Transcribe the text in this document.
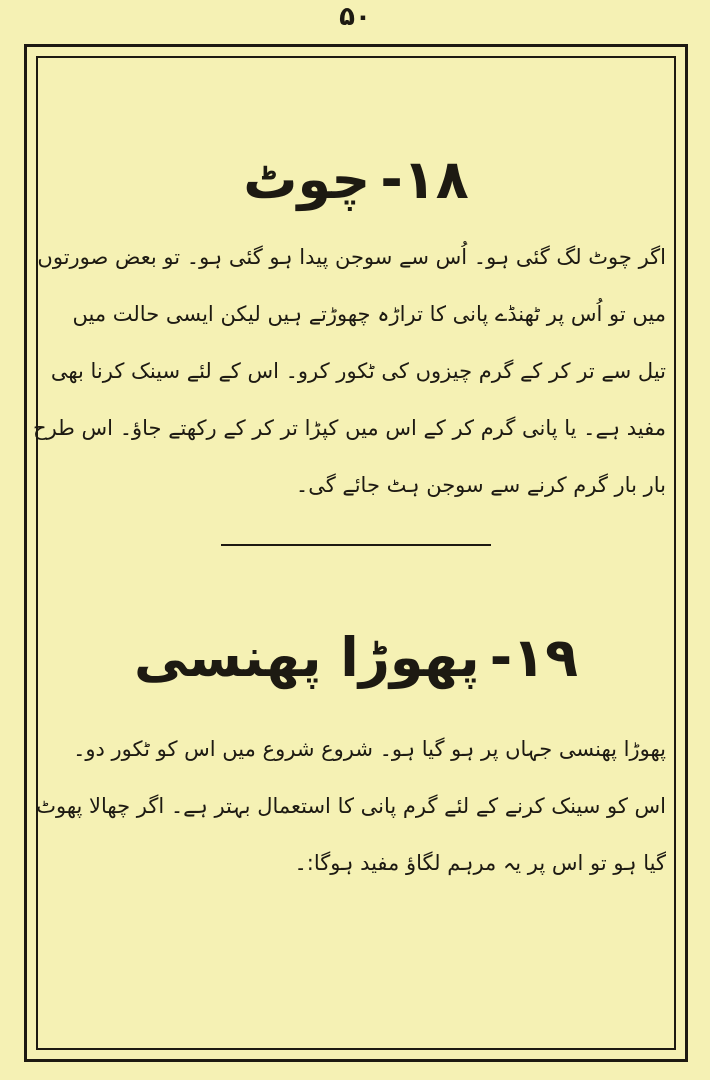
۵۰
۱۸-چوٹ
اگر چوٹ لگ گئی ہو۔ اُس سے سوجن پیدا ہو گئی ہو۔ تو بعض صورتوں
میں تو اُس پر ٹھنڈے پانی کا تراڑہ چھوڑتے ہیں لیکن ایسی حالت میں
تیل سے تر کر کے گرم چیزوں کی ٹکور کرو۔ اس کے لئے سینک کرنا بھی
مفید ہے۔ یا پانی گرم کر کے اس میں کپڑا تر کر کے رکھتے جاؤ۔ اس طرح
بار بار گرم کرنے سے سوجن ہٹ جائے گی۔
۱۹-پھوڑا پھنسی
پھوڑا پھنسی جہاں پر ہو گیا ہو۔ شروع شروع میں اس کو ٹکور دو۔
اس کو سینک کرنے کے لئے گرم پانی کا استعمال بہتر ہے۔ اگر چھالا پھوٹ
گیا ہو تو اس پر یہ مرہم لگاؤ مفید ہوگا:۔
